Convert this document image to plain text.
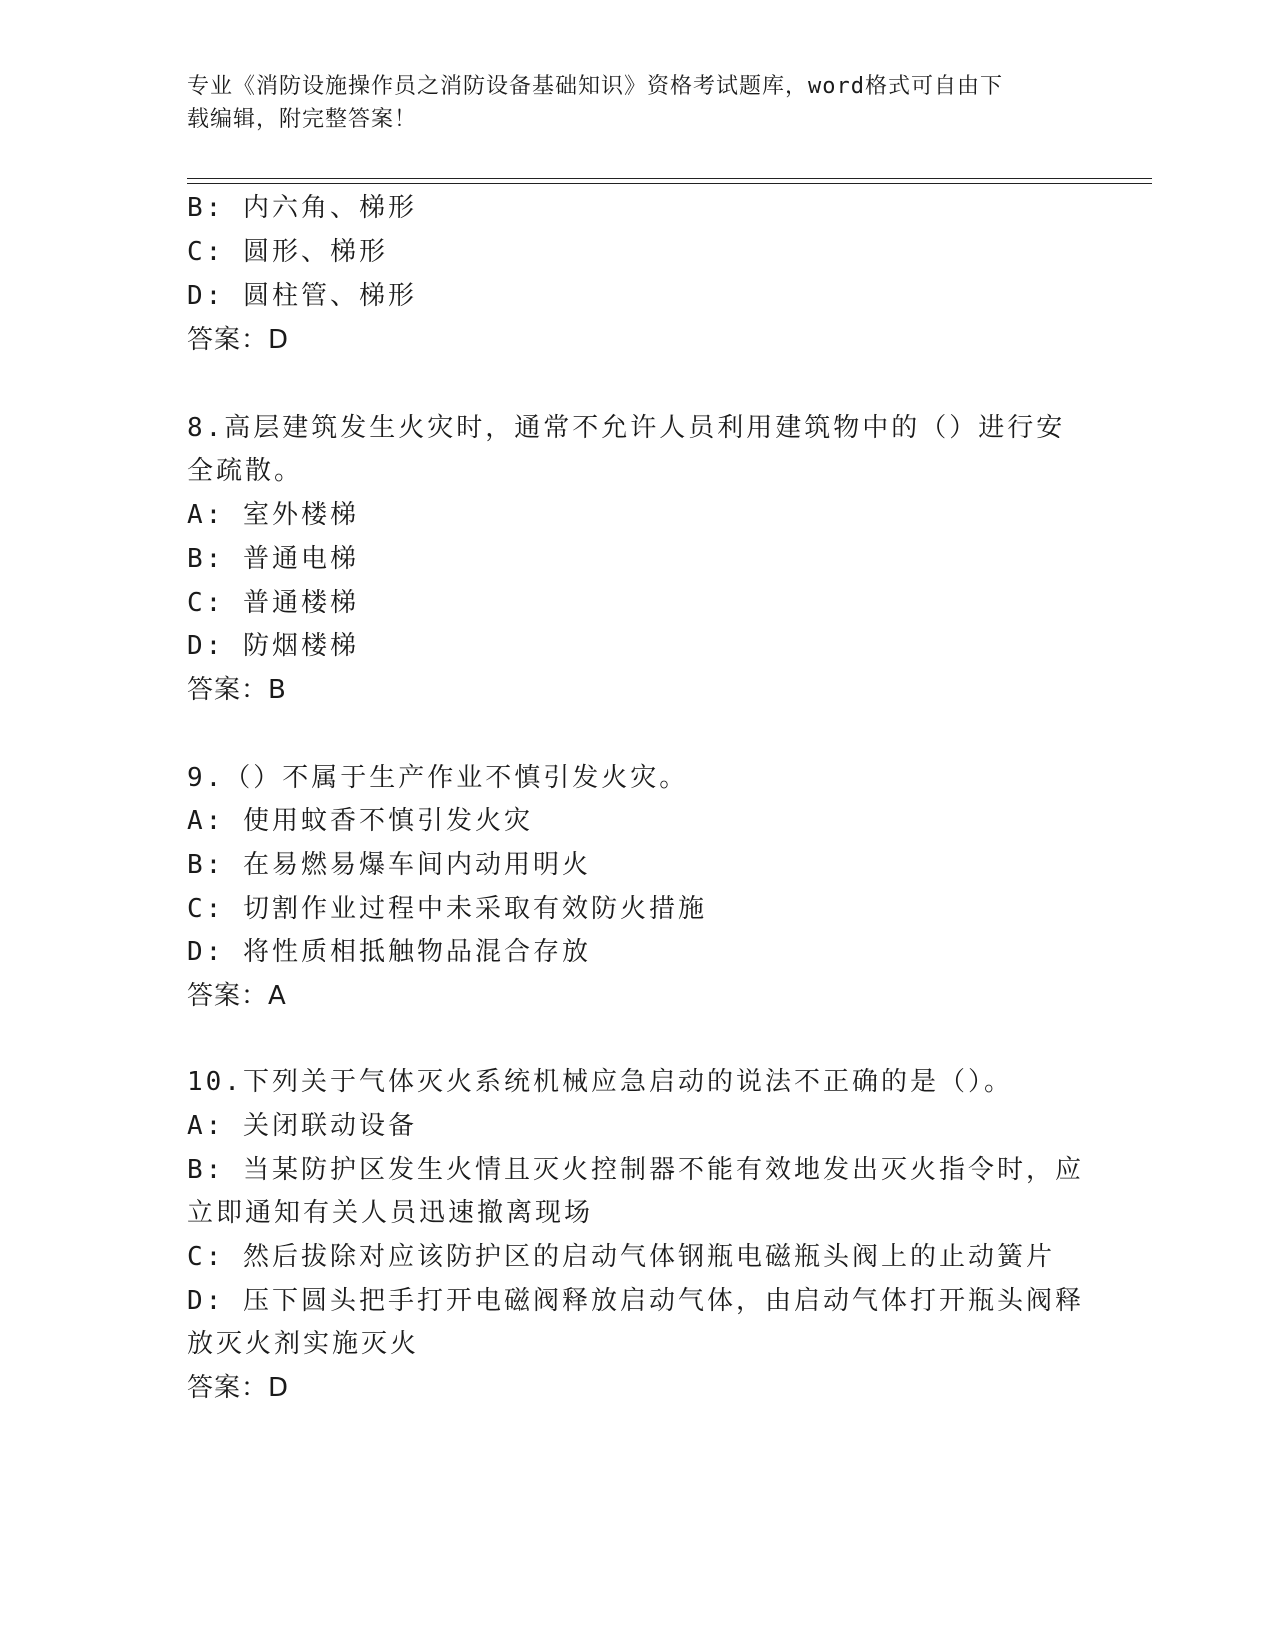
专业《消防设施操作员之消防设备基础知识》资格考试题库，word格式可自由下
载编辑，附完整答案！
B: 内六角、梯形
C: 圆形、梯形
D: 圆柱管、梯形
答案：D
8.高层建筑发生火灾时，通常不允许人员利用建筑物中的（）进行安
全疏散。
A: 室外楼梯
B: 普通电梯
C: 普通楼梯
D: 防烟楼梯
答案：B
9.（）不属于生产作业不慎引发火灾。
A: 使用蚊香不慎引发火灾
B: 在易燃易爆车间内动用明火
C: 切割作业过程中未采取有效防火措施
D: 将性质相抵触物品混合存放
答案：A
10.下列关于气体灭火系统机械应急启动的说法不正确的是（）。
A: 关闭联动设备
B: 当某防护区发生火情且灭火控制器不能有效地发出灭火指令时，应
立即通知有关人员迅速撤离现场
C: 然后拔除对应该防护区的启动气体钢瓶电磁瓶头阀上的止动簧片
D: 压下圆头把手打开电磁阀释放启动气体，由启动气体打开瓶头阀释
放灭火剂实施灭火
答案：D
